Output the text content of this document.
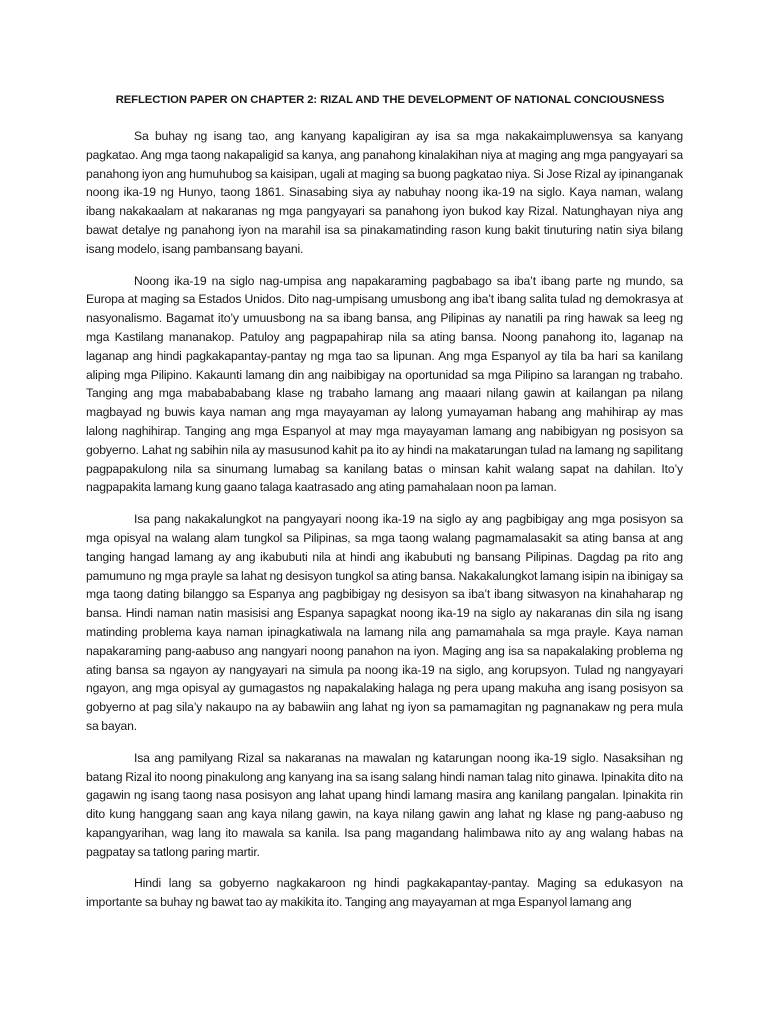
REFLECTION PAPER ON CHAPTER 2: RIZAL AND THE DEVELOPMENT OF NATIONAL CONCIOUSNESS

Sa buhay ng isang tao, ang kanyang kapaligiran ay isa sa mga nakakaimpluwensya sa kanyang pagkatao. Ang mga taong nakapaligid sa kanya, ang panahong kinalakihan niya at maging ang mga pangyayari sa panahong iyon ang humuhubog sa kaisipan, ugali at maging sa buong pagkatao niya. Si Jose Rizal ay ipinanganak noong ika-19 ng Hunyo, taong 1861. Sinasabing siya ay nabuhay noong ika-19 na siglo. Kaya naman, walang ibang nakakaalam at nakaranas ng mga pangyayari sa panahong iyon bukod kay Rizal. Natunghayan niya ang bawat detalye ng panahong iyon na marahil isa sa pinakamatinding rason kung bakit tinuturing natin siya bilang isang modelo, isang pambansang bayani.

Noong ika-19 na siglo nag-umpisa ang napakaraming pagbabago sa iba’t ibang parte ng mundo, sa Europa at maging sa Estados Unidos. Dito nag-umpisang umusbong ang iba’t ibang salita tulad ng demokrasya at nasyonalismo. Bagamat ito’y umuusbong na sa ibang bansa, ang Pilipinas ay nanatili pa ring hawak sa leeg ng mga Kastilang mananakop. Patuloy ang pagpapahirap nila sa ating bansa. Noong panahong ito, laganap na laganap ang hindi pagkakapantay-pantay ng mga tao sa lipunan. Ang mga Espanyol ay tila ba hari sa kanilang aliping mga Pilipino. Kakaunti lamang din ang naibibigay na oportunidad sa mga Pilipino sa larangan ng trabaho. Tanging ang mga mababababang klase ng trabaho lamang ang maaari nilang gawin at kailangan pa nilang magbayad ng buwis kaya naman ang mga mayayaman ay lalong yumayaman habang ang mahihirap ay mas lalong naghihirap. Tanging ang mga Espanyol at may mga mayayaman lamang ang nabibigyan ng posisyon sa gobyerno. Lahat ng sabihin nila ay masusunod kahit pa ito ay hindi na makatarungan tulad na lamang ng sapilitang pagpapakulong nila sa sinumang lumabag sa kanilang batas o minsan kahit walang sapat na dahilan. Ito’y nagpapakita lamang kung gaano talaga kaatrasado ang ating pamahalaan noon pa laman.

Isa pang nakakalungkot na pangyayari noong ika-19 na siglo ay ang pagbibigay ang mga posisyon sa mga opisyal na walang alam tungkol sa Pilipinas, sa mga taong walang pagmamalasakit sa ating bansa at ang tanging hangad lamang ay ang ikabubuti nila at hindi ang ikabubuti ng bansang Pilipinas. Dagdag pa rito ang pamumuno ng mga prayle sa lahat ng desisyon tungkol sa ating bansa. Nakakalungkot lamang isipin na ibinigay sa mga taong dating bilanggo sa Espanya ang pagbibigay ng desisyon sa iba’t ibang sitwasyon na kinahaharap ng bansa. Hindi naman natin masisisi ang Espanya sapagkat noong ika-19 na siglo ay nakaranas din sila ng isang matinding problema kaya naman ipinagkatiwala na lamang nila ang pamamahala sa mga prayle. Kaya naman napakaraming pang-aabuso ang nangyari noong panahon na iyon. Maging ang isa sa napakalaking problema ng ating bansa sa ngayon ay nangyayari na simula pa noong ika-19 na siglo, ang korupsyon. Tulad ng nangyayari ngayon, ang mga opisyal ay gumagastos ng napakalaking halaga ng pera upang makuha ang isang posisyon sa gobyerno at pag sila’y nakaupo na ay babawiin ang lahat ng iyon sa pamamagitan ng pagnanakaw ng pera mula sa bayan.

Isa ang pamilyang Rizal sa nakaranas na mawalan ng katarungan noong ika-19 siglo. Nasaksihan ng batang Rizal ito noong pinakulong ang kanyang ina sa isang salang hindi naman talag nito ginawa. Ipinakita dito na gagawin ng isang taong nasa posisyon ang lahat upang hindi lamang masira ang kanilang pangalan. Ipinakita rin dito kung hanggang saan ang kaya nilang gawin, na kaya nilang gawin ang lahat ng klase ng pang-aabuso ng kapangyarihan, wag lang ito mawala sa kanila. Isa pang magandang halimbawa nito ay ang walang habas na pagpatay sa tatlong paring martir.

Hindi lang sa gobyerno nagkakaroon ng hindi pagkakapantay-pantay. Maging sa edukasyon na importante sa buhay ng bawat tao ay makikita ito. Tanging ang mayayaman at mga Espanyol lamang ang
